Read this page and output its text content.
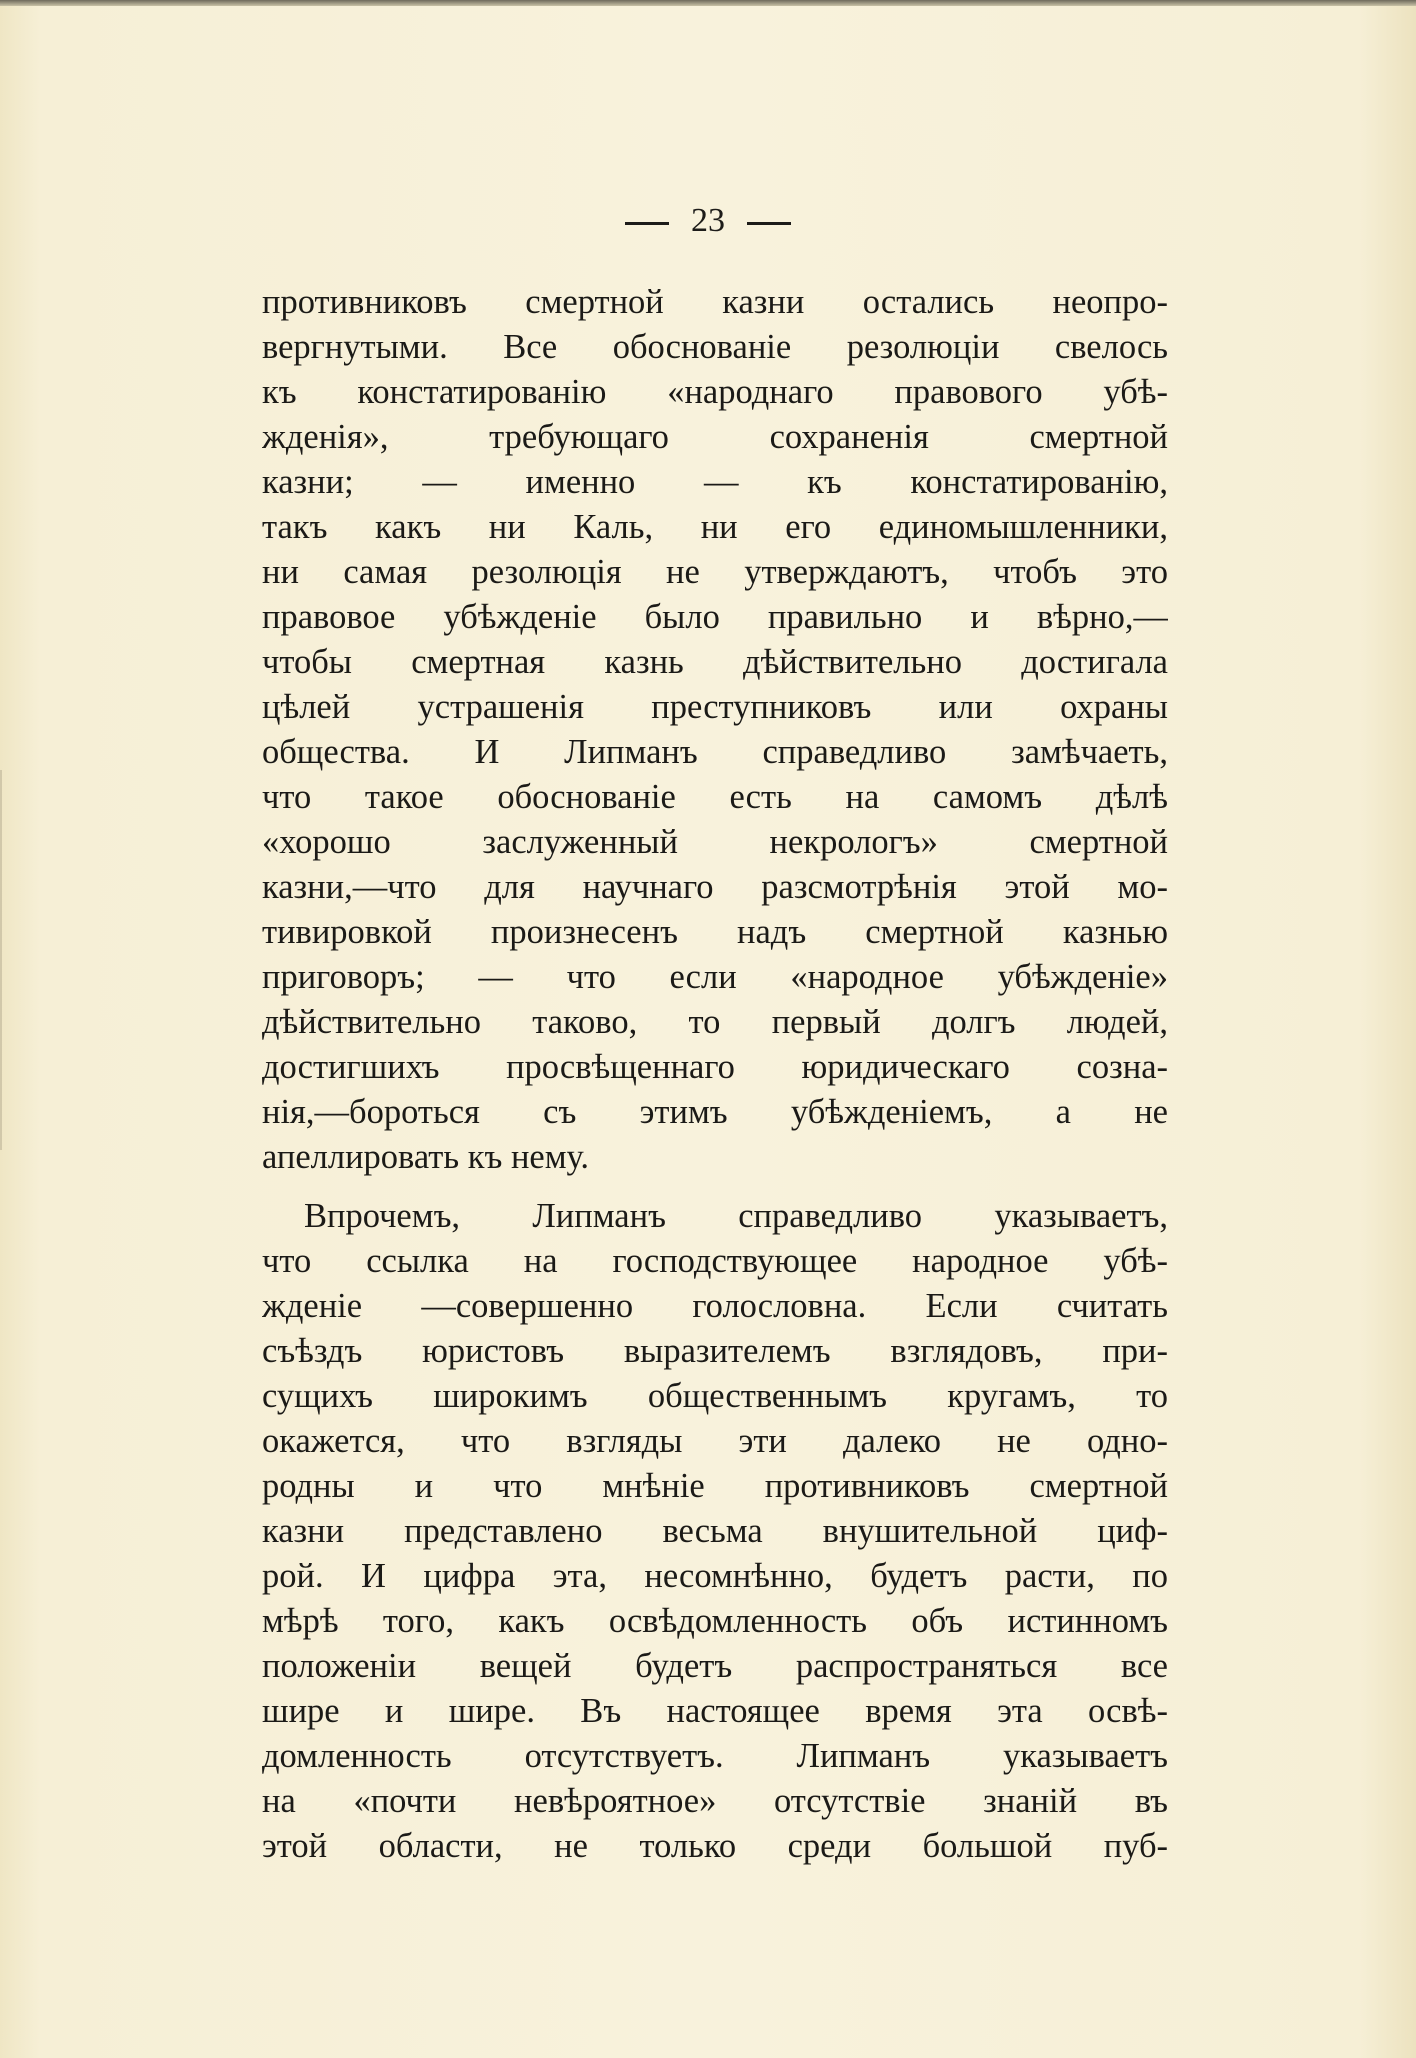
23
противниковъ смертной казни остались неопро-
вергнутыми. Все обоснованiе резолюцiи свелось
къ констатированiю «народнаго правового убѣ-
жденiя», требующаго сохраненiя смертной
казни; — именно — къ констатированiю,
такъ какъ ни Каль, ни его единомышленники,
ни самая резолюцiя не утверждаютъ, чтобъ это
правовое убѣжденiе было правильно и вѣрно,—
чтобы смертная казнь дѣйствительно достигала
цѣлей устрашенiя преступниковъ или охраны
общества. И Липманъ справедливо замѣчаеть,
что такое обоснованiе есть на самомъ дѣлѣ
«хорошо заслуженный некрологъ» смертной
казни,—что для научнаго разсмотрѣнiя этой мо-
тивировкой произнесенъ надъ смертной казнью
приговоръ; — что если «народное убѣжденiе»
дѣйствительно таково, то первый долгъ людей,
достигшихъ просвѣщеннаго юридическаго созна-
нiя,—бороться съ этимъ убѣжденiемъ, а не
апеллировать къ нему.
Впрочемъ, Липманъ справедливо указываетъ,
что ссылка на господствующее народное убѣ-
жденiе —совершенно голословна. Если считать
съѣздъ юристовъ выразителемъ взглядовъ, при-
сущихъ широкимъ общественнымъ кругамъ, то
окажется, что взгляды эти далеко не одно-
родны и что мнѣнiе противниковъ смертной
казни представлено весьма внушительной циф-
рой. И цифра эта, несомнѣнно, будетъ расти, по
мѣрѣ того, какъ освѣдомленность объ истинномъ
положенiи вещей будетъ распространяться все
шире и шире. Въ настоящее время эта освѣ-
домленность отсутствуетъ. Липманъ указываетъ
на «почти невѣроятное» отсутствiе знанiй въ
этой области, не только среди большой пуб-
